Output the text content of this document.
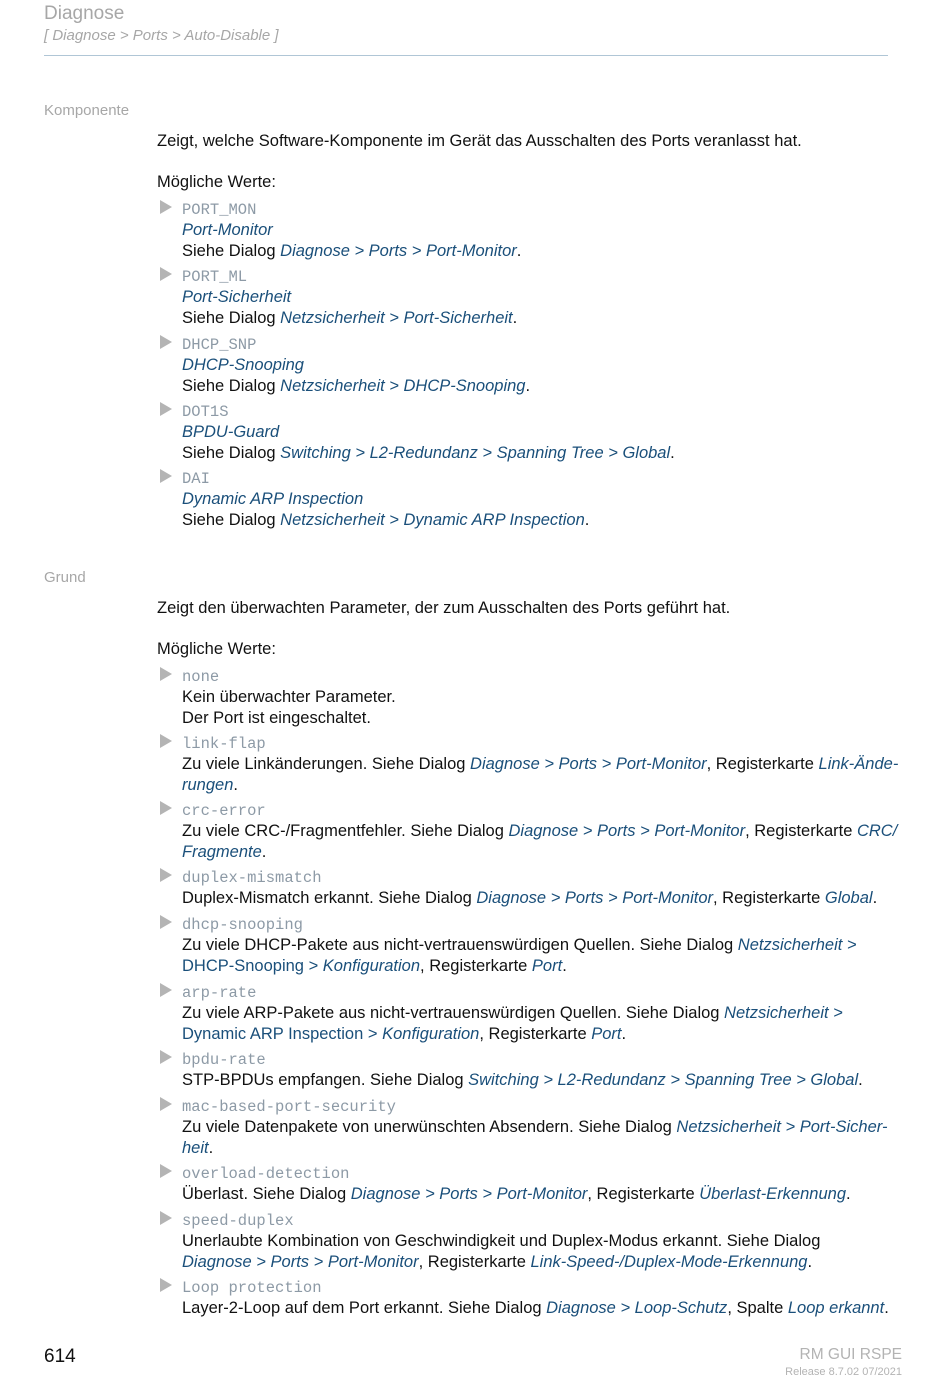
Diagnose
[ Diagnose > Ports > Auto-Disable ]
Komponente
Zeigt, welche Software-Komponente im Gerät das Ausschalten des Ports veranlasst hat.
Mögliche Werte:
PORT_MON
Port-Monitor
Siehe Dialog Diagnose > Ports > Port-Monitor.
PORT_ML
Port-Sicherheit
Siehe Dialog Netzsicherheit > Port-Sicherheit.
DHCP_SNP
DHCP-Snooping
Siehe Dialog Netzsicherheit > DHCP-Snooping.
DOT1S
BPDU-Guard
Siehe Dialog Switching > L2-Redundanz > Spanning Tree > Global.
DAI
Dynamic ARP Inspection
Siehe Dialog Netzsicherheit > Dynamic ARP Inspection.
Grund
Zeigt den überwachten Parameter, der zum Ausschalten des Ports geführt hat.
Mögliche Werte:
none
Kein überwachter Parameter.
Der Port ist eingeschaltet.
link-flap
Zu viele Linkänderungen. Siehe Dialog Diagnose > Ports > Port-Monitor, Registerkarte Link-Ände-
rungen.
crc-error
Zu viele CRC-/Fragmentfehler. Siehe Dialog Diagnose > Ports > Port-Monitor, Registerkarte CRC/
Fragmente.
duplex-mismatch
Duplex-Mismatch erkannt. Siehe Dialog Diagnose > Ports > Port-Monitor, Registerkarte Global.
dhcp-snooping
Zu viele DHCP-Pakete aus nicht-vertrauenswürdigen Quellen. Siehe Dialog Netzsicherheit >
DHCP-Snooping > Konfiguration, Registerkarte Port.
arp-rate
Zu viele ARP-Pakete aus nicht-vertrauenswürdigen Quellen. Siehe Dialog Netzsicherheit >
Dynamic ARP Inspection > Konfiguration, Registerkarte Port.
bpdu-rate
STP-BPDUs empfangen. Siehe Dialog Switching > L2-Redundanz > Spanning Tree > Global.
mac-based-port-security
Zu viele Datenpakete von unerwünschten Absendern. Siehe Dialog Netzsicherheit > Port-Sicher-
heit.
overload-detection
Überlast. Siehe Dialog Diagnose > Ports > Port-Monitor, Registerkarte Überlast-Erkennung.
speed-duplex
Unerlaubte Kombination von Geschwindigkeit und Duplex-Modus erkannt. Siehe Dialog
Diagnose > Ports > Port-Monitor, Registerkarte Link-Speed-/Duplex-Mode-Erkennung.
Loop protection
Layer-2-Loop auf dem Port erkannt. Siehe Dialog Diagnose > Loop-Schutz, Spalte Loop erkannt.
614	RM GUI RSPE
Release 8.7.02 07/2021
